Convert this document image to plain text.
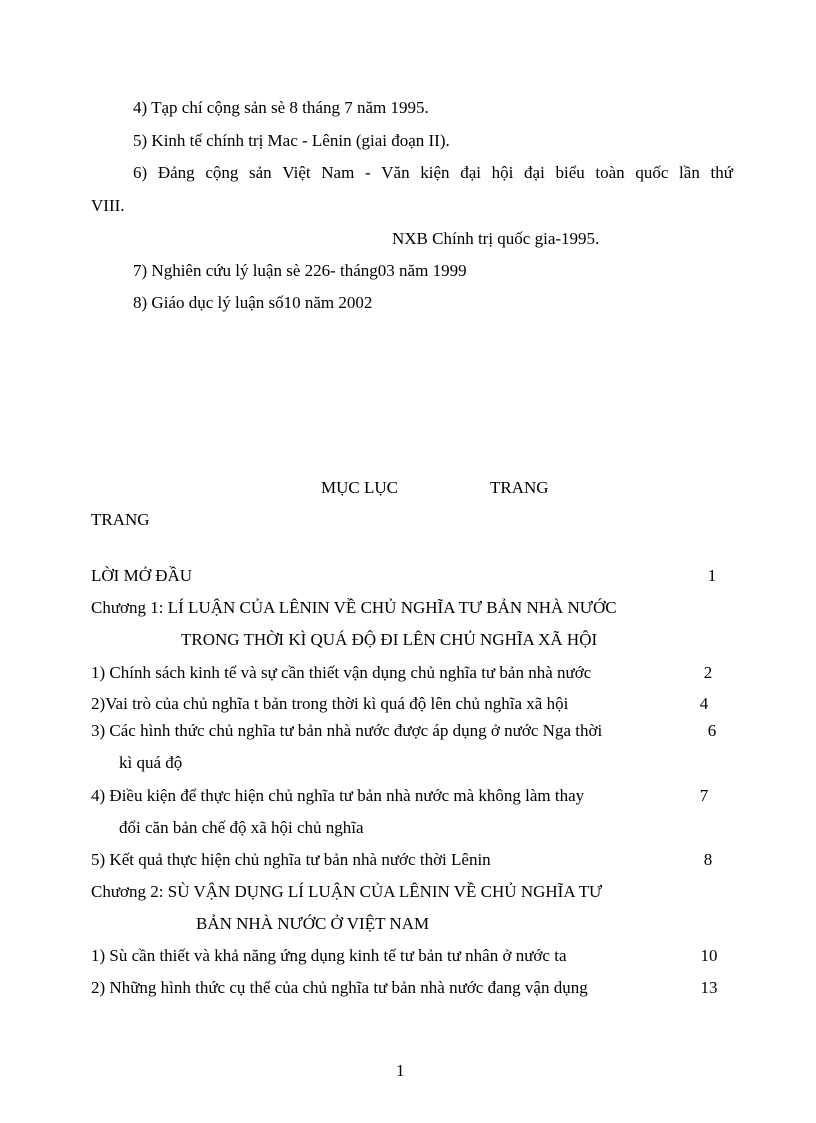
4) Tạp chí cộng sản sè 8 tháng 7 năm 1995.
5) Kinh tế chính trị Mac - Lênin (giai đoạn II).
6) Đảng cộng sản Việt Nam - Văn kiện đại hội đại biểu toàn quốc lần thứ
VIII.
NXB Chính trị quốc gia-1995.
7) Nghiên cứu lý luận sè 226- tháng03 năm 1999
8) Giáo dục lý luận số10 năm 2002
MỤC LỤC	TRANG
TRANG
LỜI MỞ ĐẦU	1
Chương 1: LÍ LUẬN CỦA LÊNIN VỀ CHỦ NGHĨA TƯ BẢN NHÀ NƯỚC
TRONG THỜI KÌ QUÁ ĐỘ ĐI LÊN CHỦ NGHĨA XÃ HỘI
1) Chính sách kinh tế và sự cần thiết vận dụng chủ nghĩa tư bản nhà nước	2
2)Vai trò của chủ nghĩa t bản trong thời kì quá độ lên chủ nghĩa xã hội	4
3) Các hình thức chủ nghĩa tư bản nhà nước được áp dụng ở nước Nga thời	6
kì quá độ
4) Điều kiện để thực hiện chủ nghĩa tư bản nhà nước mà không làm thay	7
đổi căn bản chế độ xã hội chủ nghĩa
5) Kết quả thực hiện chủ nghĩa tư bản nhà nước thời Lênin	8
Chương 2: SÙ VẬN DỤNG LÍ LUẬN CỦA LÊNIN VỀ CHỦ NGHĨA TƯ
BẢN NHÀ NƯỚC Ở VIỆT NAM
1) Sù cần thiết và khả năng ứng dụng kinh tế tư bản tư nhân ở nước ta	10
2) Những hình thức cụ thể của chủ nghĩa tư bản nhà nước đang vận dụng	13
1
